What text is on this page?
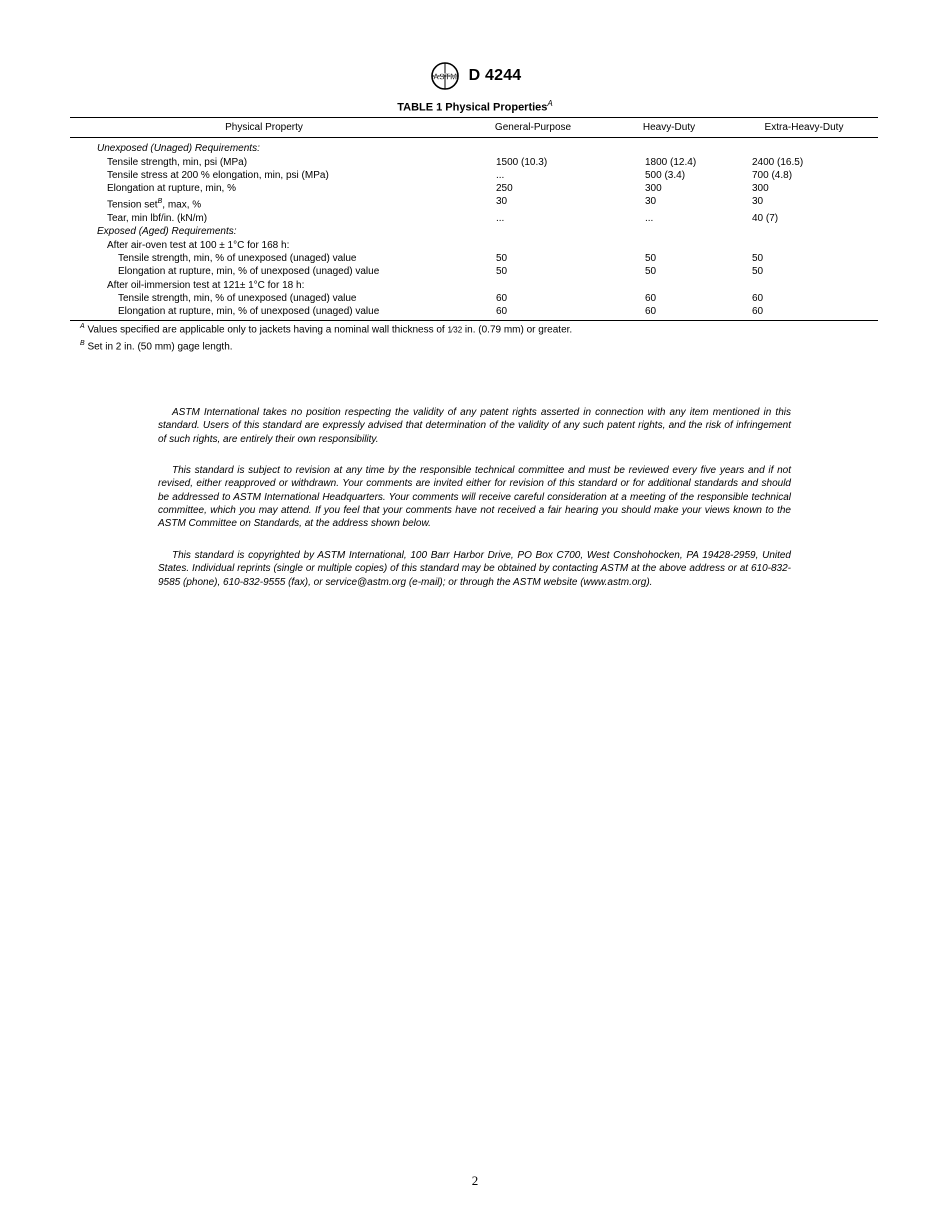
ASTM D 4244
TABLE 1 Physical Properties$^A$
Physical Property	General-Purpose	Heavy-Duty	Extra-Heavy-Duty
Unexposed (Unaged) Requirements:			
Tensile strength, min, psi (MPa)	1500 (10.3)	1800 (12.4)	2400 (16.5)
Tensile stress at 200 % elongation, min, psi (MPa)	...	500 (3.4)	700 (4.8)
Elongation at rupture, min, %	250	300	300
Tension set$^B$, max, %	30	30	30
Tear, min lbf/in. (kN/m)	...	...	40 (7)
Exposed (Aged) Requirements:			
After air-oven test at 100 ± 1°C for 168 h:			
Tensile strength, min, % of unexposed (unaged) value	50	50	50
Elongation at rupture, min, % of unexposed (unaged) value	50	50	50
After oil-immersion test at 121± 1°C for 18 h:			
Tensile strength, min, % of unexposed (unaged) value	60	60	60
Elongation at rupture, min, % of unexposed (unaged) value	60	60	60
$^A$ Values specified are applicable only to jackets having a nominal wall thickness of 1⁄32 in. (0.79 mm) or greater.
$^B$ Set in 2 in. (50 mm) gage length.

ASTM International takes no position respecting the validity of any patent rights asserted in connection with any item mentioned in this standard. Users of this standard are expressly advised that determination of the validity of any such patent rights, and the risk of infringement of such rights, are entirely their own responsibility.

This standard is subject to revision at any time by the responsible technical committee and must be reviewed every five years and if not revised, either reapproved or withdrawn. Your comments are invited either for revision of this standard or for additional standards and should be addressed to ASTM International Headquarters. Your comments will receive careful consideration at a meeting of the responsible technical committee, which you may attend. If you feel that your comments have not received a fair hearing you should make your views known to the ASTM Committee on Standards, at the address shown below.

This standard is copyrighted by ASTM International, 100 Barr Harbor Drive, PO Box C700, West Conshohocken, PA 19428-2959, United States. Individual reprints (single or multiple copies) of this standard may be obtained by contacting ASTM at the above address or at 610-832-9585 (phone), 610-832-9555 (fax), or service@astm.org (e-mail); or through the ASTM website (www.astm.org).

2
